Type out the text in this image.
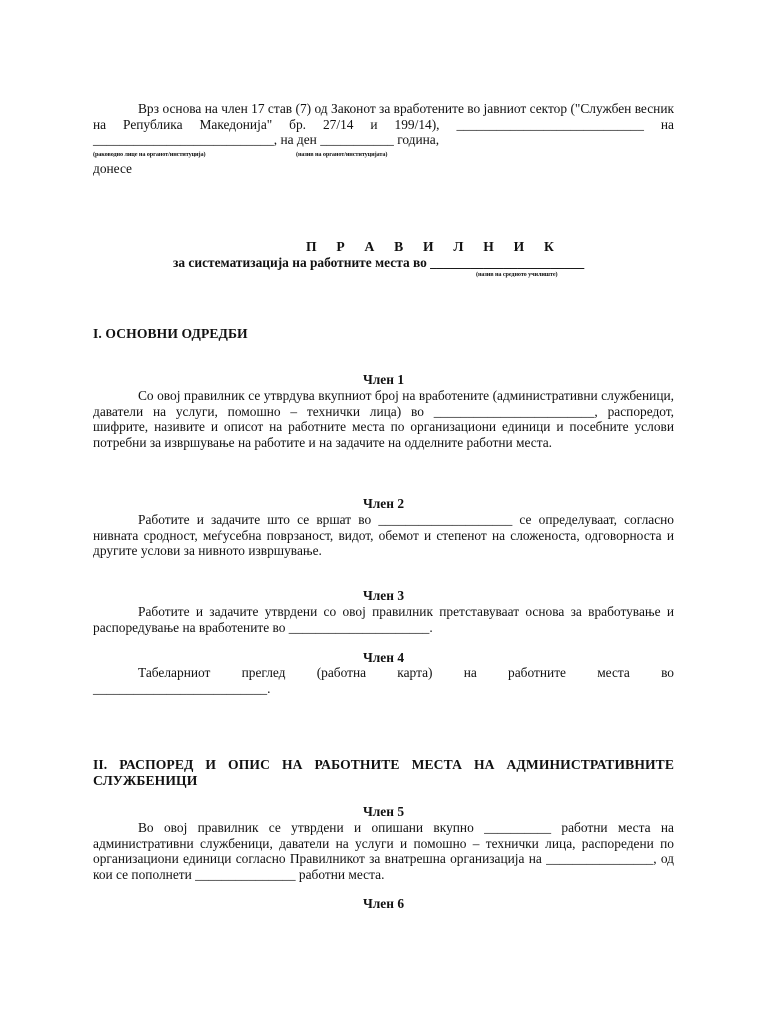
Врз основа на член 17 став (7) од Законот за вработените во јавниот сектор ("Службен весник на Република Македонија" бр. 27/14 и 199/14), ____________________________ на ___________________________, на ден ___________ година,
(раководно лице на органот/институција)	(назив на органот/институцијата)
донесе
П Р А В И Л Н И К
за систематизација на работните места во _______________________
(назив на средното училиште)
I. ОСНОВНИ ОДРЕДБИ
Член 1
Со овој правилник се утврдува вкупниот број на вработените (административни службеници, даватели на услуги, помошно – технички лица) во ________________________, распоредот, шифрите, називите и описот на работните места по организациони единици и посебните услови потребни за извршување на работите и на задачите на одделните работни места.
Член 2
Работите и задачите што се вршат во ____________________ се определуваат, согласно нивната сродност, меѓусебна поврзаност, видот, обемот и степенот на сложеноста, одговорноста и другите услови за нивното извршување.
Член 3
Работите и задачите утврдени со овој правилник претставуваат основа за вработување и распоредување на вработените во _____________________.
Член 4
Табеларниот преглед (работна карта) на работните места во
__________________________.
II. РАСПОРЕД И ОПИС НА РАБОТНИТЕ МЕСТА НА АДМИНИСТРАТИВНИТЕ СЛУЖБЕНИЦИ
Член 5
Во овој правилник се утврдени и опишани вкупно __________ работни места на административни службеници, даватели на услуги и помошно – технички лица, распоредени по организациони единици согласно Правилникот за внатрешна организација на ________________, од кои се пополнети _______________ работни места.
Член 6
